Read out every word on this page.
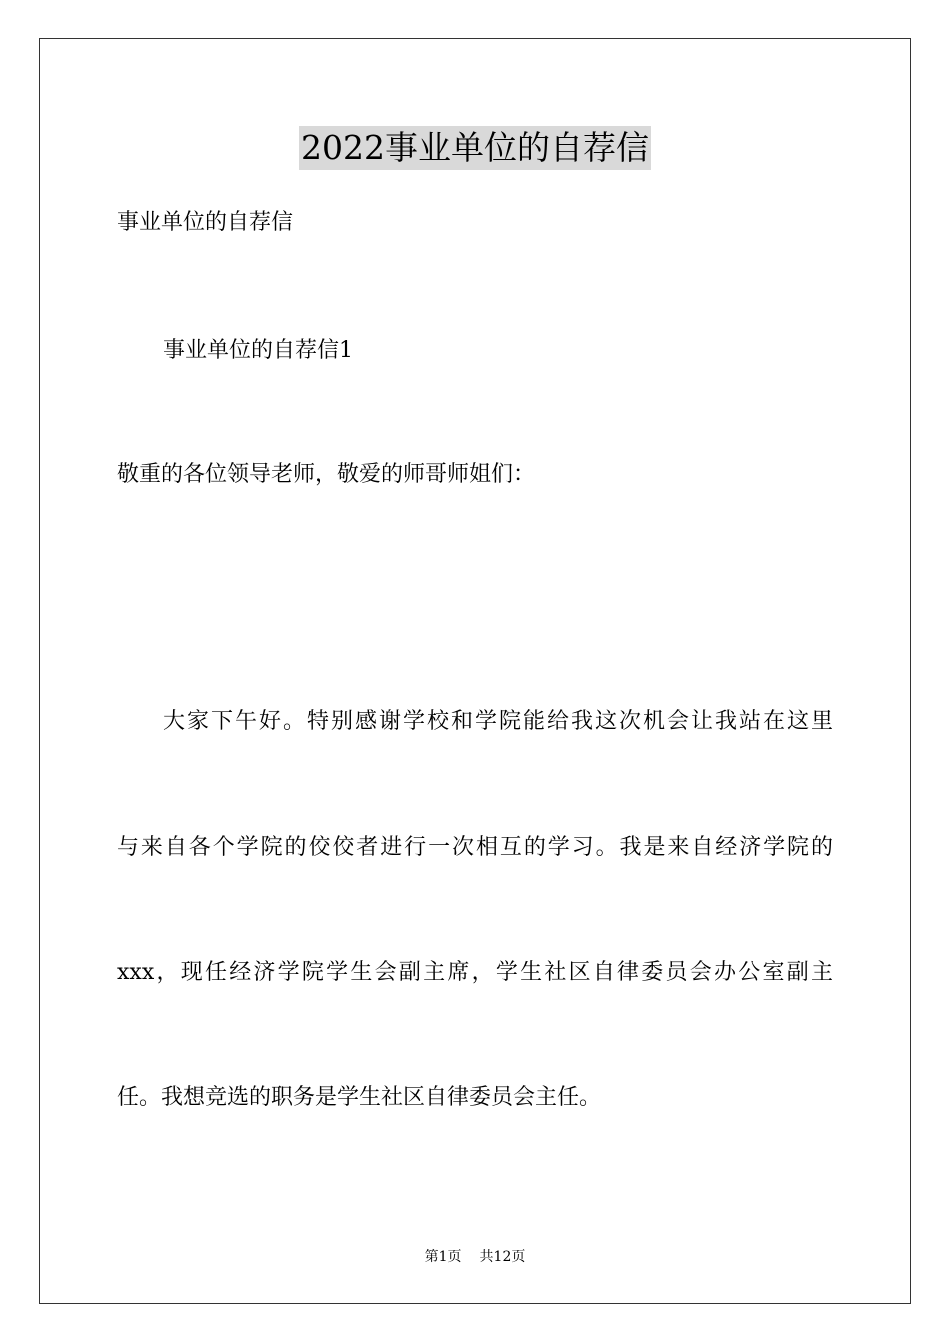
2022事业单位的自荐信
事业单位的自荐信
事业单位的自荐信1
敬重的各位领导老师，敬爱的师哥师姐们：
大家下午好。特别感谢学校和学院能给我这次机会让我站在这里
与来自各个学院的佼佼者进行一次相互的学习。我是来自经济学院的
xxx，现任经济学院学生会副主席，学生社区自律委员会办公室副主
任。我想竞选的职务是学生社区自律委员会主任。
第1页 共12页
